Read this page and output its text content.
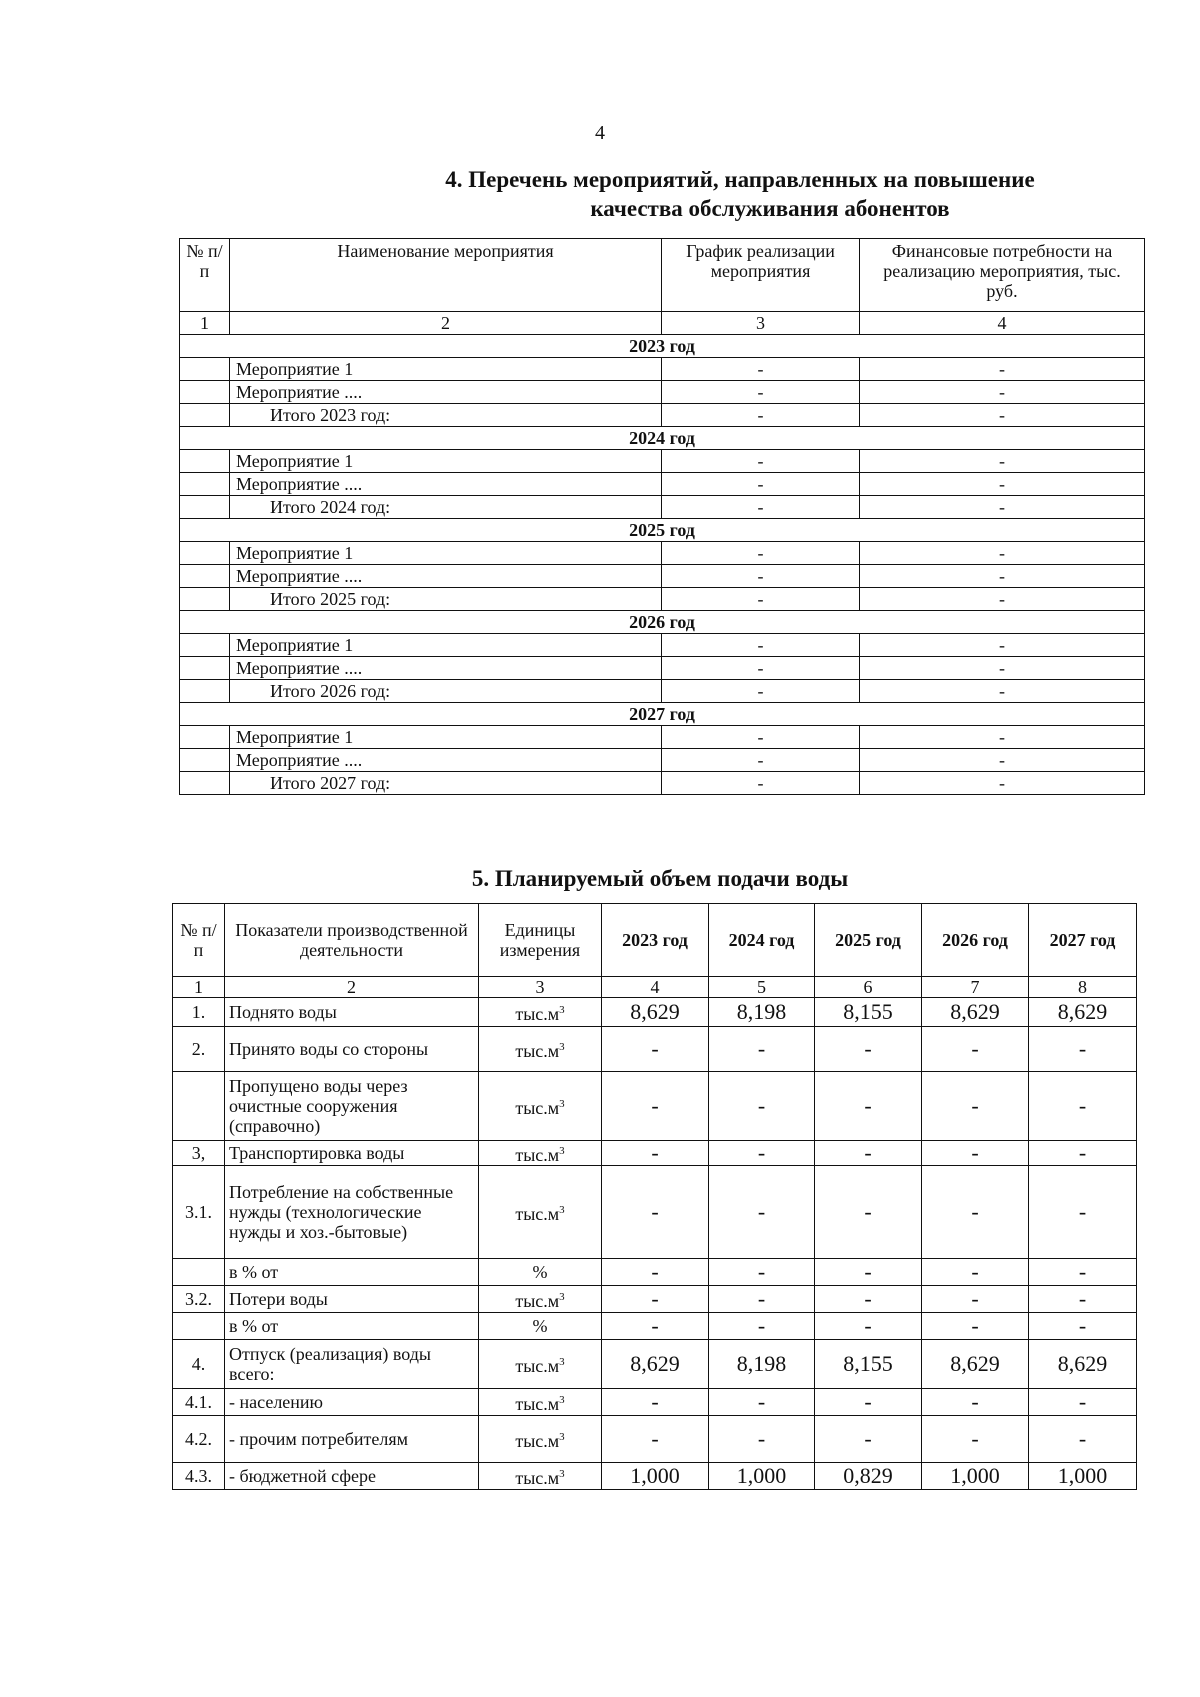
4
4. Перечень мероприятий, направленных на повышение
качества обслуживания абонентов
№ п/п	Наименование мероприятия	График реализации мероприятия	Финансовые потребности на реализацию мероприятия, тыс. руб.
1	2	3	4
2023 год			
	Мероприятие 1	-	-
	Мероприятие ....	-	-
	Итого 2023 год:	-	-
2024 год			
	Мероприятие 1	-	-
	Мероприятие ....	-	-
	Итого 2024 год:	-	-
2025 год			
	Мероприятие 1	-	-
	Мероприятие ....	-	-
	Итого 2025 год:	-	-
2026 год			
	Мероприятие 1	-	-
	Мероприятие ....	-	-
	Итого 2026 год:	-	-
2027 год			
	Мероприятие 1	-	-
	Мероприятие ....	-	-
	Итого 2027 год:	-	-
5. Планируемый объем подачи воды
№ п/п	Показатели производственной деятельности	Единицы измерения	2023 год	2024 год	2025 год	2026 год	2027 год
1	2	3	4	5	6	7	8
1.	Поднято воды	$тыс.м^3$	8,629	8,198	8,155	8,629	8,629
2.	Принято воды со стороны	$тыс.м^3$	-	-	-	-	-
	Пропущено воды через очистные сооружения (справочно)	$тыс.м^3$	-	-	-	-	-
3,	Транспортировка воды	$тыс.м^3$	-	-	-	-	-
3.1.	Потребление на собственные нужды (технологические нужды и хоз.-бытовые)	$тыс.м^3$	-	-	-	-	-
	в % от	%	-	-	-	-	-
3.2.	Потери воды	$тыс.м^3$	-	-	-	-	-
	в % от	%	-	-	-	-	-
4.	Отпуск (реализация) воды всего:	$тыс.м^3$	8,629	8,198	8,155	8,629	8,629
4.1.	- населению	$тыс.м^3$	-	-	-	-	-
4.2.	- прочим потребителям	$тыс.м^3$	-	-	-	-	-
4.3.	- бюджетной сфере	$тыс.м^3$	1,000	1,000	0,829	1,000	1,000
